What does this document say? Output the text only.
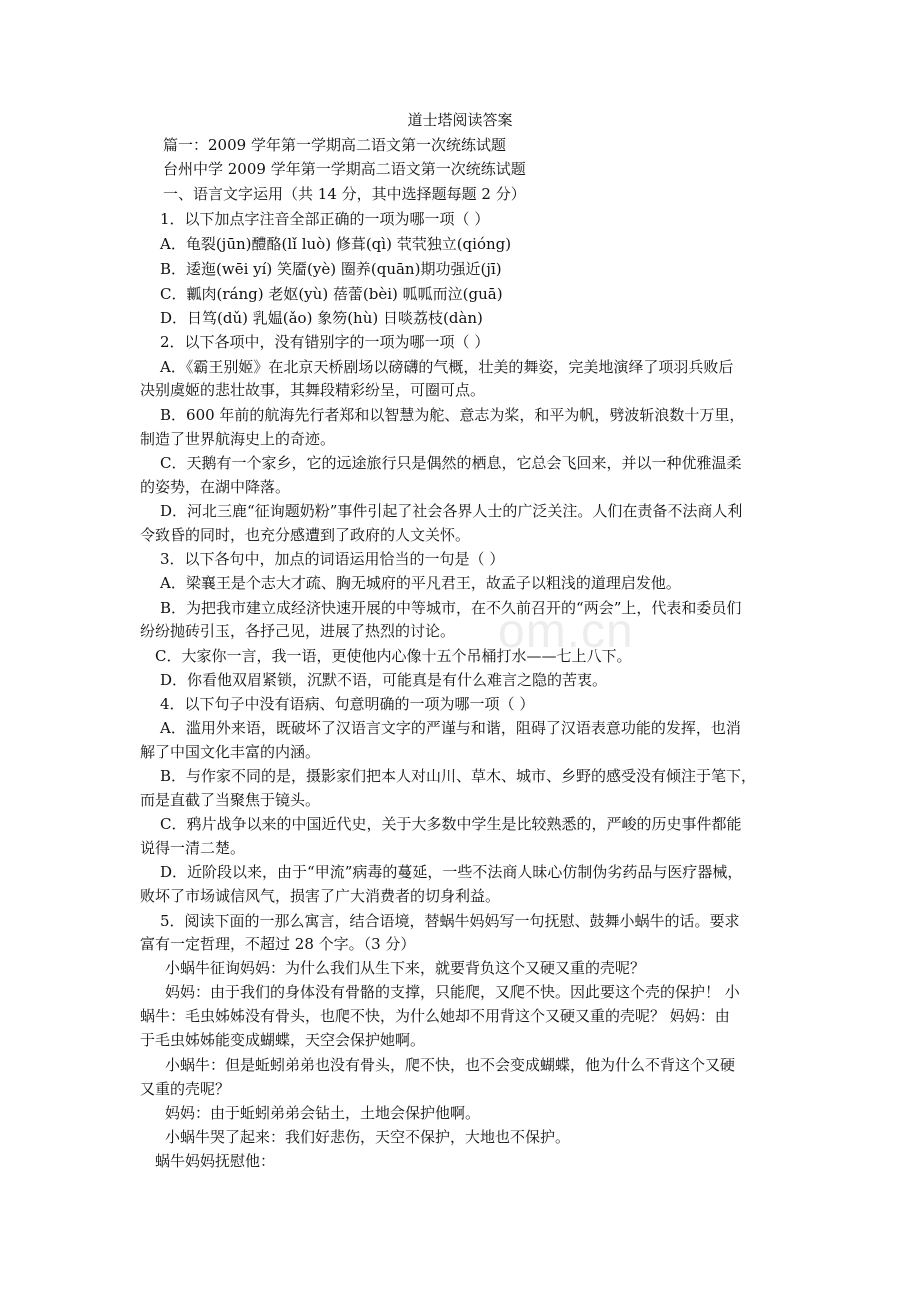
om.cn
道士塔阅读答案
篇一：2009 学年第一学期高二语文第一次统练试题
台州中学 2009 学年第一学期高二语文第一次统练试题
一、语言文字运用（共 14 分，其中选择题每题 2 分）
1．以下加点字注音全部正确的一项为哪一项（ ）
A．龟裂(jūn)醴酪(lǐ luò) 修葺(qì) 茕茕独立(qióng)
B．逶迤(wēi yí) 笑靥(yè) 圈养(quān)期功强近(jī)
C．瓤肉(ráng) 老妪(yù) 蓓蕾(bèi) 呱呱而泣(guā)
D．日笃(dǔ) 乳媪(ǎo) 象笏(hù) 日啖荔枝(dàn)
2．以下各项中，没有错别字的一项为哪一项（ ）
A．《霸王别姬》在北京天桥剧场以磅礴的气概，壮美的舞姿，完美地演绎了项羽兵败后
决别虞姬的悲壮故事，其舞段精彩纷呈，可圈可点。
B．600 年前的航海先行者郑和以智慧为舵、意志为桨，和平为帆，劈波斩浪数十万里，
制造了世界航海史上的奇迹。
C．天鹅有一个家乡，它的远途旅行只是偶然的栖息，它总会飞回来，并以一种优雅温柔
的姿势，在湖中降落。
D．河北三鹿“征询题奶粉”事件引起了社会各界人士的广泛关注。人们在责备不法商人利
令致昏的同时，也充分感遭到了政府的人文关怀。
3．以下各句中，加点的词语运用恰当的一句是（ ）
A．梁襄王是个志大才疏、胸无城府的平凡君王，故孟子以粗浅的道理启发他。
B．为把我市建立成经济快速开展的中等城市，在不久前召开的“两会”上，代表和委员们
纷纷抛砖引玉，各抒己见，进展了热烈的讨论。
C．大家你一言，我一语，更使他内心像十五个吊桶打水——七上八下。
D．你看他双眉紧锁，沉默不语，可能真是有什么难言之隐的苦衷。
4．以下句子中没有语病、句意明确的一项为哪一项（ ）
A．滥用外来语，既破坏了汉语言文字的严谨与和谐，阻碍了汉语表意功能的发挥，也消
解了中国文化丰富的内涵。
B．与作家不同的是，摄影家们把本人对山川、草木、城市、乡野的感受没有倾注于笔下，
而是直截了当聚焦于镜头。
C．鸦片战争以来的中国近代史，关于大多数中学生是比较熟悉的，严峻的历史事件都能
说得一清二楚。
D．近阶段以来，由于“甲流”病毒的蔓延，一些不法商人昧心仿制伪劣药品与医疗器械，
败坏了市场诚信风气，损害了广大消费者的切身利益。
5．阅读下面的一那么寓言，结合语境，替蜗牛妈妈写一句抚慰、鼓舞小蜗牛的话。要求
富有一定哲理，不超过 28 个字。（3 分）
小蜗牛征询妈妈：为什么我们从生下来，就要背负这个又硬又重的壳呢？
妈妈：由于我们的身体没有骨骼的支撑，只能爬，又爬不快。因此要这个壳的保护！ 小
蜗牛：毛虫姊姊没有骨头，也爬不快，为什么她却不用背这个又硬又重的壳呢？ 妈妈：由
于毛虫姊姊能变成蝴蝶，天空会保护她啊。
小蜗牛：但是蚯蚓弟弟也没有骨头，爬不快，也不会变成蝴蝶，他为什么不背这个又硬
又重的壳呢？
妈妈：由于蚯蚓弟弟会钻土，土地会保护他啊。
小蜗牛哭了起来：我们好悲伤，天空不保护，大地也不保护。
蜗牛妈妈抚慰他：
